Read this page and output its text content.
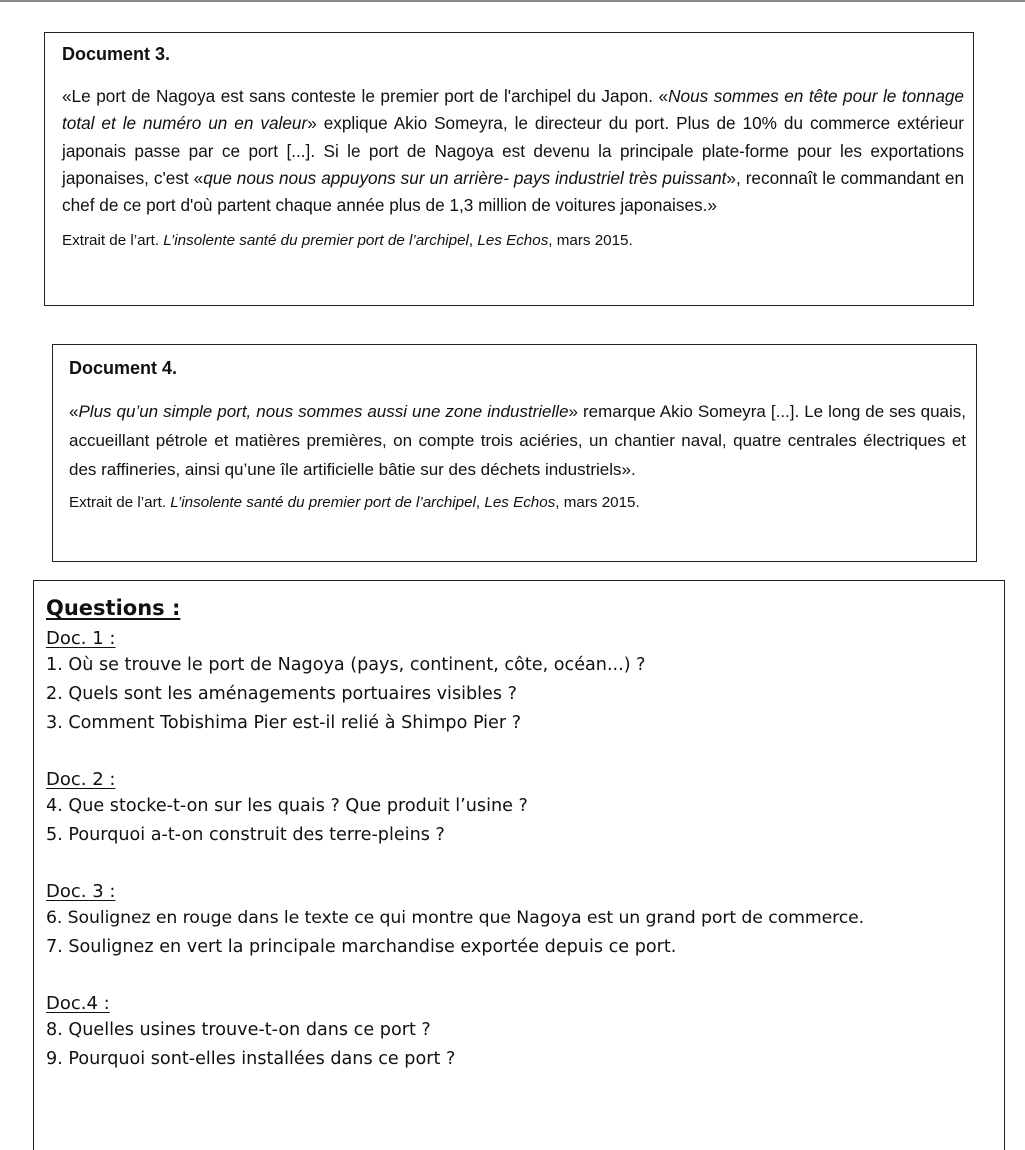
Document 3.

«Le port de Nagoya est sans conteste le premier port de l'archipel du Japon. «Nous sommes en tête pour le tonnage total et le numéro un en valeur» explique Akio Someyra, le directeur du port. Plus de 10% du commerce extérieur japonais passe par ce port [...]. Si le port de Nagoya est devenu la principale plate-forme pour les exportations japonaises, c'est «que nous nous appuyons sur un arrière- pays industriel très puissant», reconnaît le commandant en chef de ce port d'où partent chaque année plus de 1,3 million de voitures japonaises.»

Extrait de l’art. L’insolente santé du premier port de l’archipel, Les Echos, mars 2015.

Document 4.

«Plus qu’un simple port, nous sommes aussi une zone industrielle» remarque Akio Someyra [...]. Le long de ses quais, accueillant pétrole et matières premières, on compte trois aciéries, un chantier naval, quatre centrales électriques et des raffineries, ainsi qu’une île artificielle bâtie sur des déchets industriels».

Extrait de l’art. L’insolente santé du premier port de l’archipel, Les Echos, mars 2015.

Questions :

Doc. 1 :

1. Où se trouve le port de Nagoya (pays, continent, côte, océan...) ?

2. Quels sont les aménagements portuaires visibles ?

3. Comment Tobishima Pier est-il relié à Shimpo Pier ?

Doc. 2 :

4. Que stocke-t-on sur les quais ? Que produit l’usine ?

5. Pourquoi a-t-on construit des terre-pleins ?

Doc. 3 :

6. Soulignez en rouge dans le texte ce qui montre que Nagoya est un grand port de commerce.

7. Soulignez en vert la principale marchandise exportée depuis ce port.

Doc.4 :

8. Quelles usines trouve-t-on dans ce port ?

9. Pourquoi sont-elles installées dans ce port ?
